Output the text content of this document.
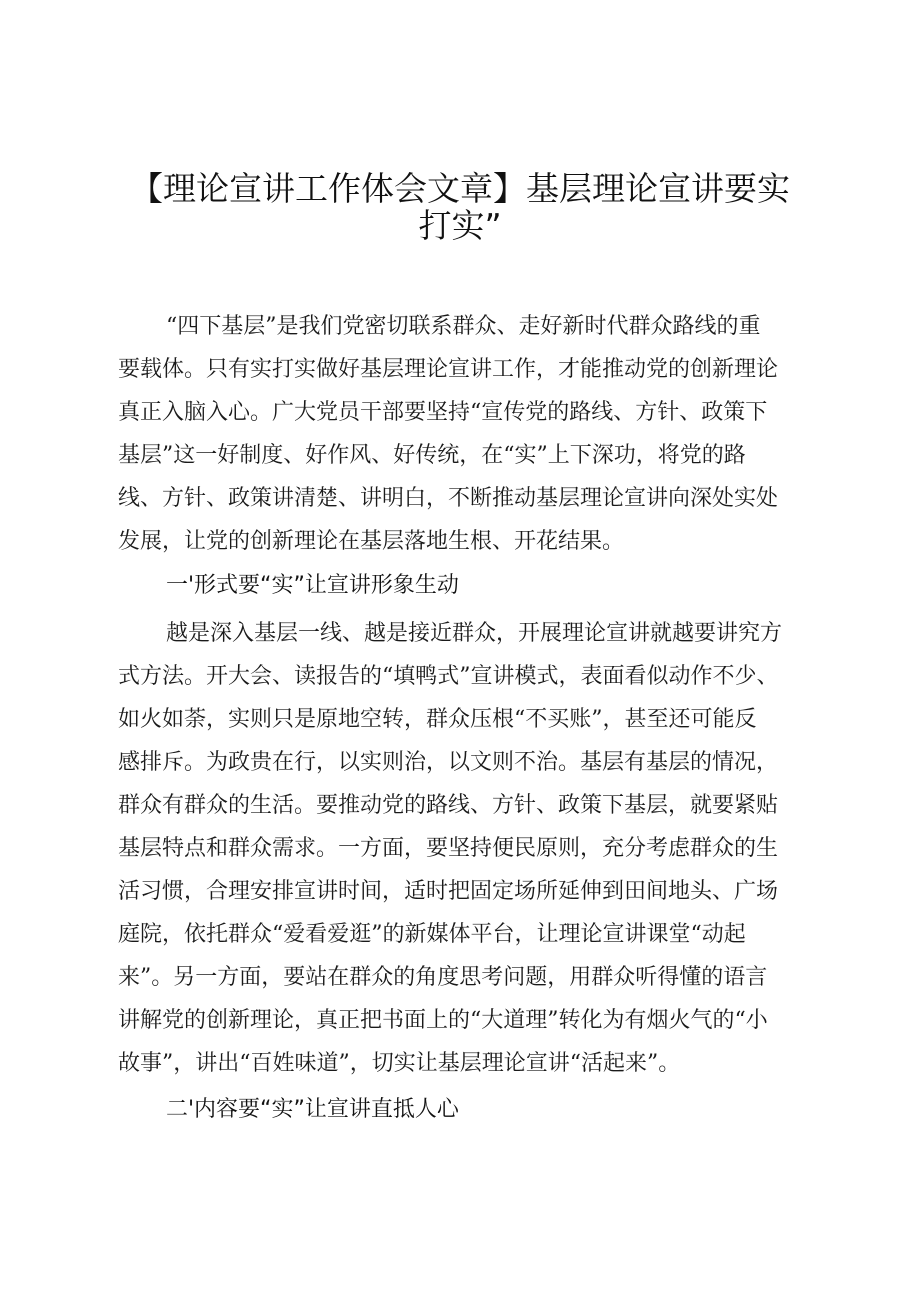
【理论宣讲工作体会文章】基层理论宣讲要实
打实”
“四下基层”是我们党密切联系群众、走好新时代群众路线的重
要载体。只有实打实做好基层理论宣讲工作，才能推动党的创新理论
真正入脑入心。广大党员干部要坚持“宣传党的路线、方针、政策下
基层”这一好制度、好作风、好传统，在“实”上下深功，将党的路
线、方针、政策讲清楚、讲明白，不断推动基层理论宣讲向深处实处
发展，让党的创新理论在基层落地生根、开花结果。
一'形式要“实”让宣讲形象生动
越是深入基层一线、越是接近群众，开展理论宣讲就越要讲究方
式方法。开大会、读报告的“填鸭式”宣讲模式，表面看似动作不少、
如火如荼，实则只是原地空转，群众压根“不买账”，甚至还可能反
感排斥。为政贵在行，以实则治，以文则不治。基层有基层的情况，
群众有群众的生活。要推动党的路线、方针、政策下基层，就要紧贴
基层特点和群众需求。一方面，要坚持便民原则，充分考虑群众的生
活习惯，合理安排宣讲时间，适时把固定场所延伸到田间地头、广场
庭院，依托群众“爱看爱逛”的新媒体平台，让理论宣讲课堂“动起
来”。另一方面，要站在群众的角度思考问题，用群众听得懂的语言
讲解党的创新理论，真正把书面上的“大道理”转化为有烟火气的“小
故事”，讲出“百姓味道”，切实让基层理论宣讲“活起来”。
二'内容要“实”让宣讲直抵人心
